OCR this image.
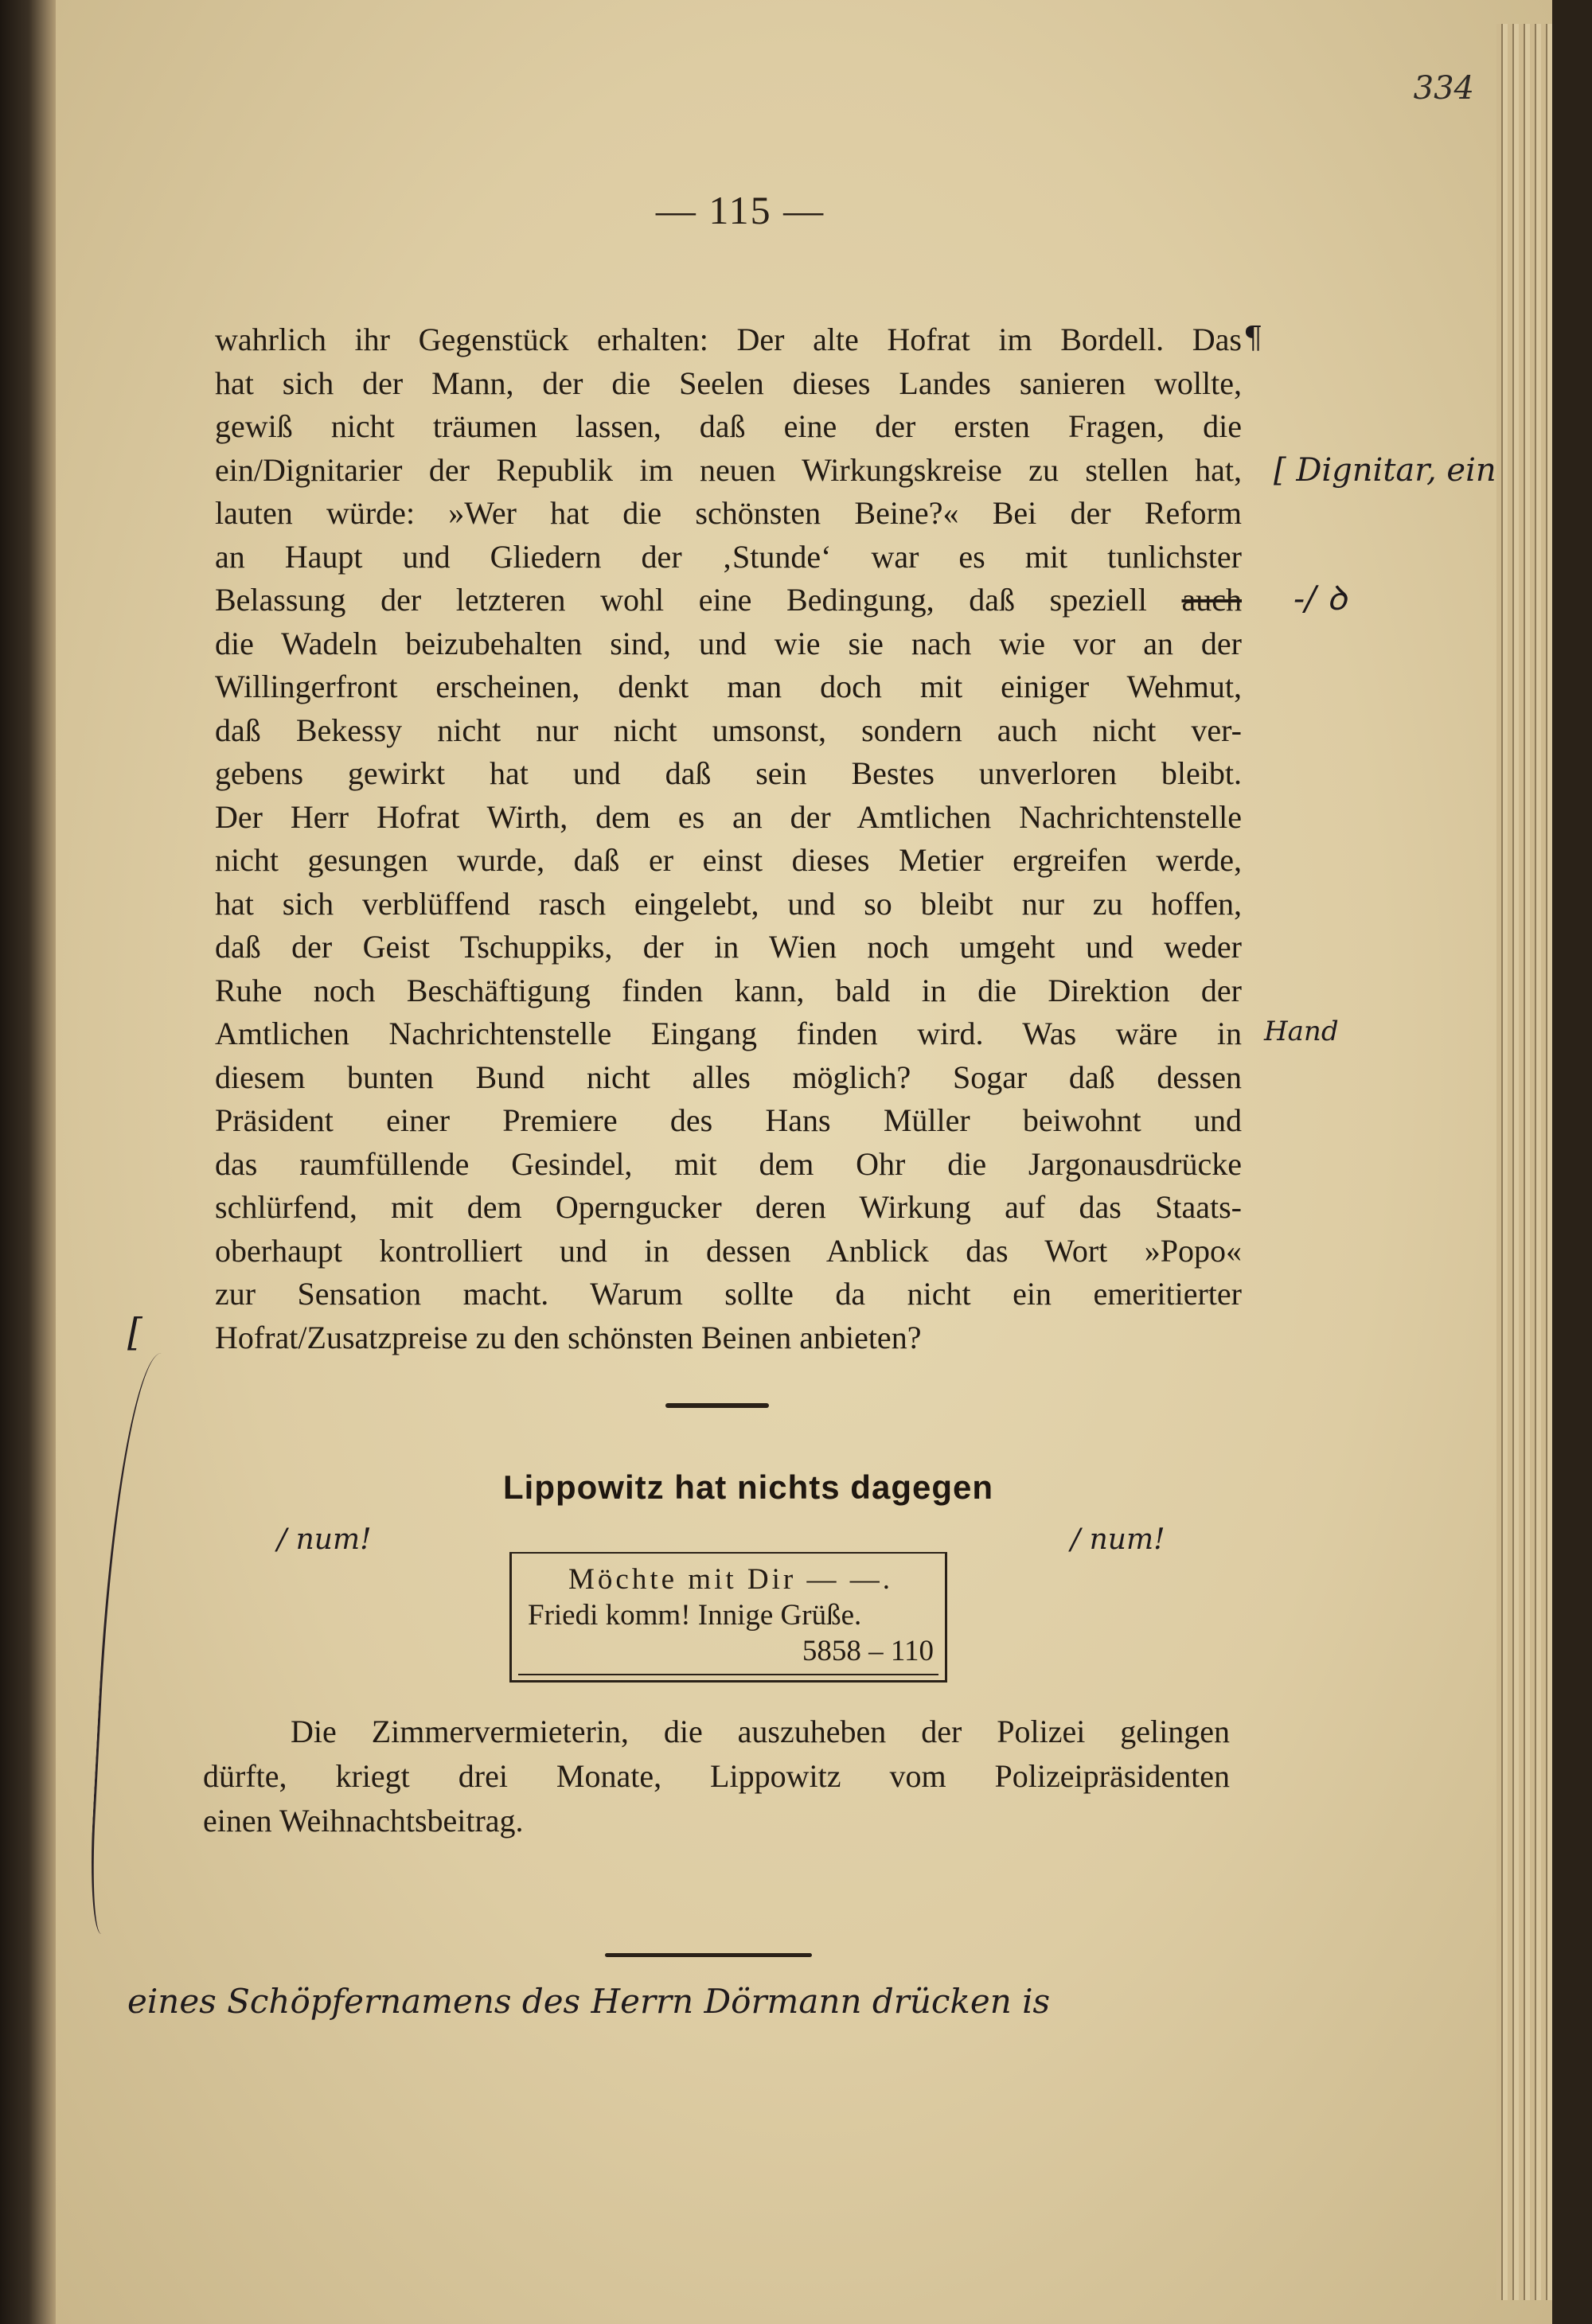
334
— 115 —
wahrlich ihr Gegenstück erhalten: Der alte Hofrat im Bordell. Das
hat sich der Mann, der die Seelen dieses Landes sanieren wollte,
gewiß nicht träumen lassen, daß eine der ersten Fragen, die
ein/Dignitarier der Republik im neuen Wirkungskreise zu stellen hat,
lauten würde: »Wer hat die schönsten Beine?« Bei der Reform
an Haupt und Gliedern der ‚Stunde‘ war es mit tunlichster
Belassung der letzteren wohl eine Bedingung, daß speziell auch
die Wadeln beizubehalten sind, und wie sie nach wie vor an der
Willingerfront erscheinen, denkt man doch mit einiger Wehmut,
daß Bekessy nicht nur nicht umsonst, sondern auch nicht ver-
gebens gewirkt hat und daß sein Bestes unverloren bleibt.
Der Herr Hofrat Wirth, dem es an der Amtlichen Nachrichtenstelle
nicht gesungen wurde, daß er einst dieses Metier ergreifen werde,
hat sich verblüffend rasch eingelebt, und so bleibt nur zu hoffen,
daß der Geist Tschuppiks, der in Wien noch umgeht und weder
Ruhe noch Beschäftigung finden kann, bald in die Direktion der
Amtlichen Nachrichtenstelle Eingang finden wird. Was wäre in
diesem bunten Bund nicht alles möglich? Sogar daß dessen
Präsident einer Premiere des Hans Müller beiwohnt und
das raumfüllende Gesindel, mit dem Ohr die Jargonausdrücke
schlürfend, mit dem Operngucker deren Wirkung auf das Staats-
oberhaupt kontrolliert und in dessen Anblick das Wort »Popo«
zur Sensation macht. Warum sollte da nicht ein emeritierter
Hofrat/Zusatzpreise zu den schönsten Beinen anbieten?
Lippowitz hat nichts dagegen
Möchte mit Dir — —.
Friedi komm! Innige Grüße.
5858 – 110
Die Zimmervermieterin, die auszuheben der Polizei gelingen
dürfte, kriegt drei Monate, Lippowitz vom Polizeipräsidenten
einen Weihnachtsbeitrag.
¶
[ Dignitar, ein
-/ ꝺ
Hand
/ num!	/ num!
[
eines Schöpfernamens des Herrn Dörmann drücken is
